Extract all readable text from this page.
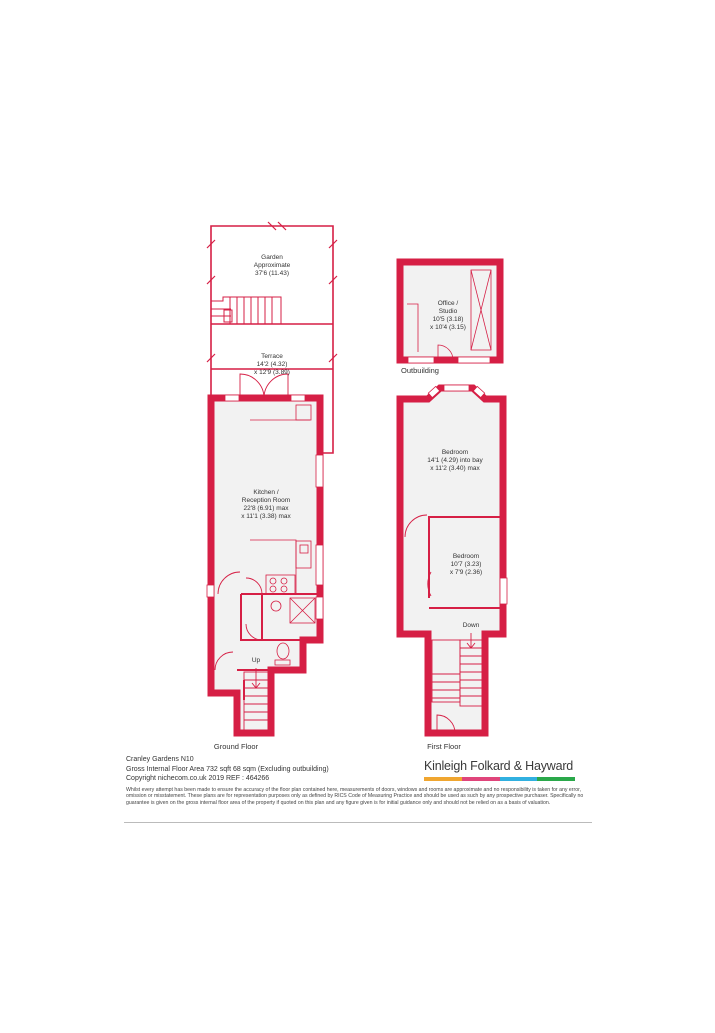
Garden
Approximate
37'6 (11.43)
Terrace
14'2 (4.32)
x 12'9 (3.89)
Kitchen /
Reception Room
22'8 (6.91) max
x 11'1 (3.38) max
Office /
Studio
10'5 (3.18)
x 10'4 (3.15)
Bedroom
14'1 (4.29) into bay
x 11'2 (3.40) max
Bedroom
10'7 (3.23)
x 7'9 (2.36)
Up
Down
Outbuilding
Ground Floor	First Floor
Cranley Gardens N10
Gross Internal Floor Area 732 sqft 68 sqm (Excluding outbuilding)
Copyright nichecom.co.uk 2019 REF : 464266
Kinleigh Folkard & Hayward
Whilst every attempt has been made to ensure the accuracy of the floor plan contained here, measurements of doors, windows and rooms are approximate and no responsibility is taken for any error, omission or misstatement. These plans are for representation purposes only as defined by RICS Code of Measuring Practice and should be used as such by any prospective purchaser. Specifically no guarantee is given on the gross internal floor area of the property if quoted on this plan and any figure given is for initial guidance only and should not be relied on as a basis of valuation.
